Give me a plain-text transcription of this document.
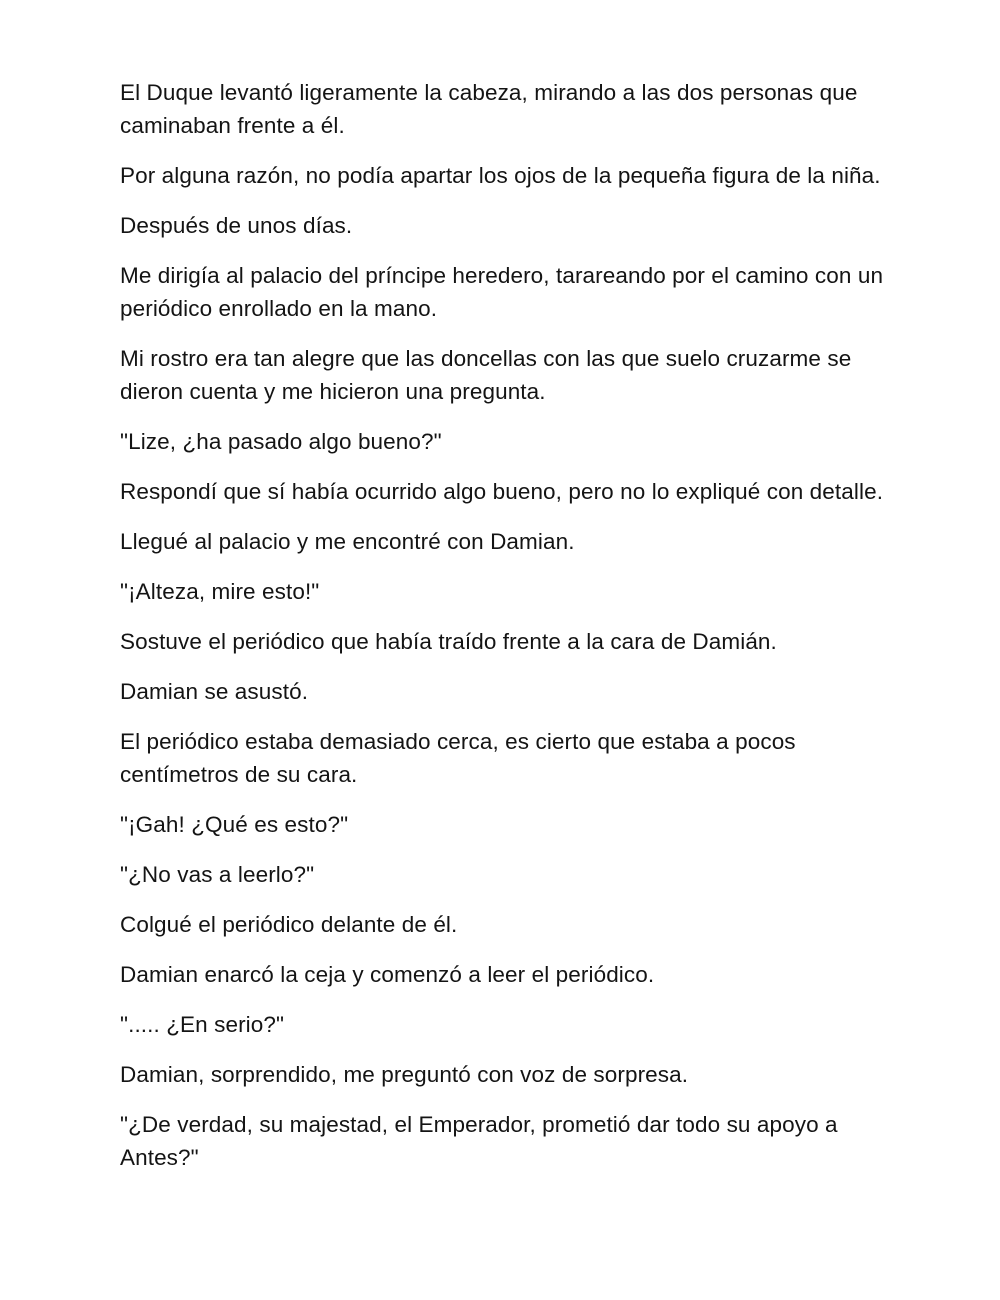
El Duque levantó ligeramente la cabeza, mirando a las dos personas que caminaban frente a él.

Por alguna razón, no podía apartar los ojos de la pequeña figura de la niña.

Después de unos días.

Me dirigía al palacio del príncipe heredero, tarareando por el camino con un periódico enrollado en la mano.

Mi rostro era tan alegre que las doncellas con las que suelo cruzarme se dieron cuenta y me hicieron una pregunta.

"Lize, ¿ha pasado algo bueno?"

Respondí que sí había ocurrido algo bueno, pero no lo expliqué con detalle.

Llegué al palacio y me encontré con Damian.

"¡Alteza, mire esto!"

Sostuve el periódico que había traído frente a la cara de Damián.

Damian se asustó.

El periódico estaba demasiado cerca, es cierto que estaba a pocos centímetros de su cara.

"¡Gah! ¿Qué es esto?"

"¿No vas a leerlo?"

Colgué el periódico delante de él.

Damian enarcó la ceja y comenzó a leer el periódico.

"..... ¿En serio?"

Damian, sorprendido, me preguntó con voz de sorpresa.

"¿De verdad, su majestad, el Emperador, prometió dar todo su apoyo a Antes?"
